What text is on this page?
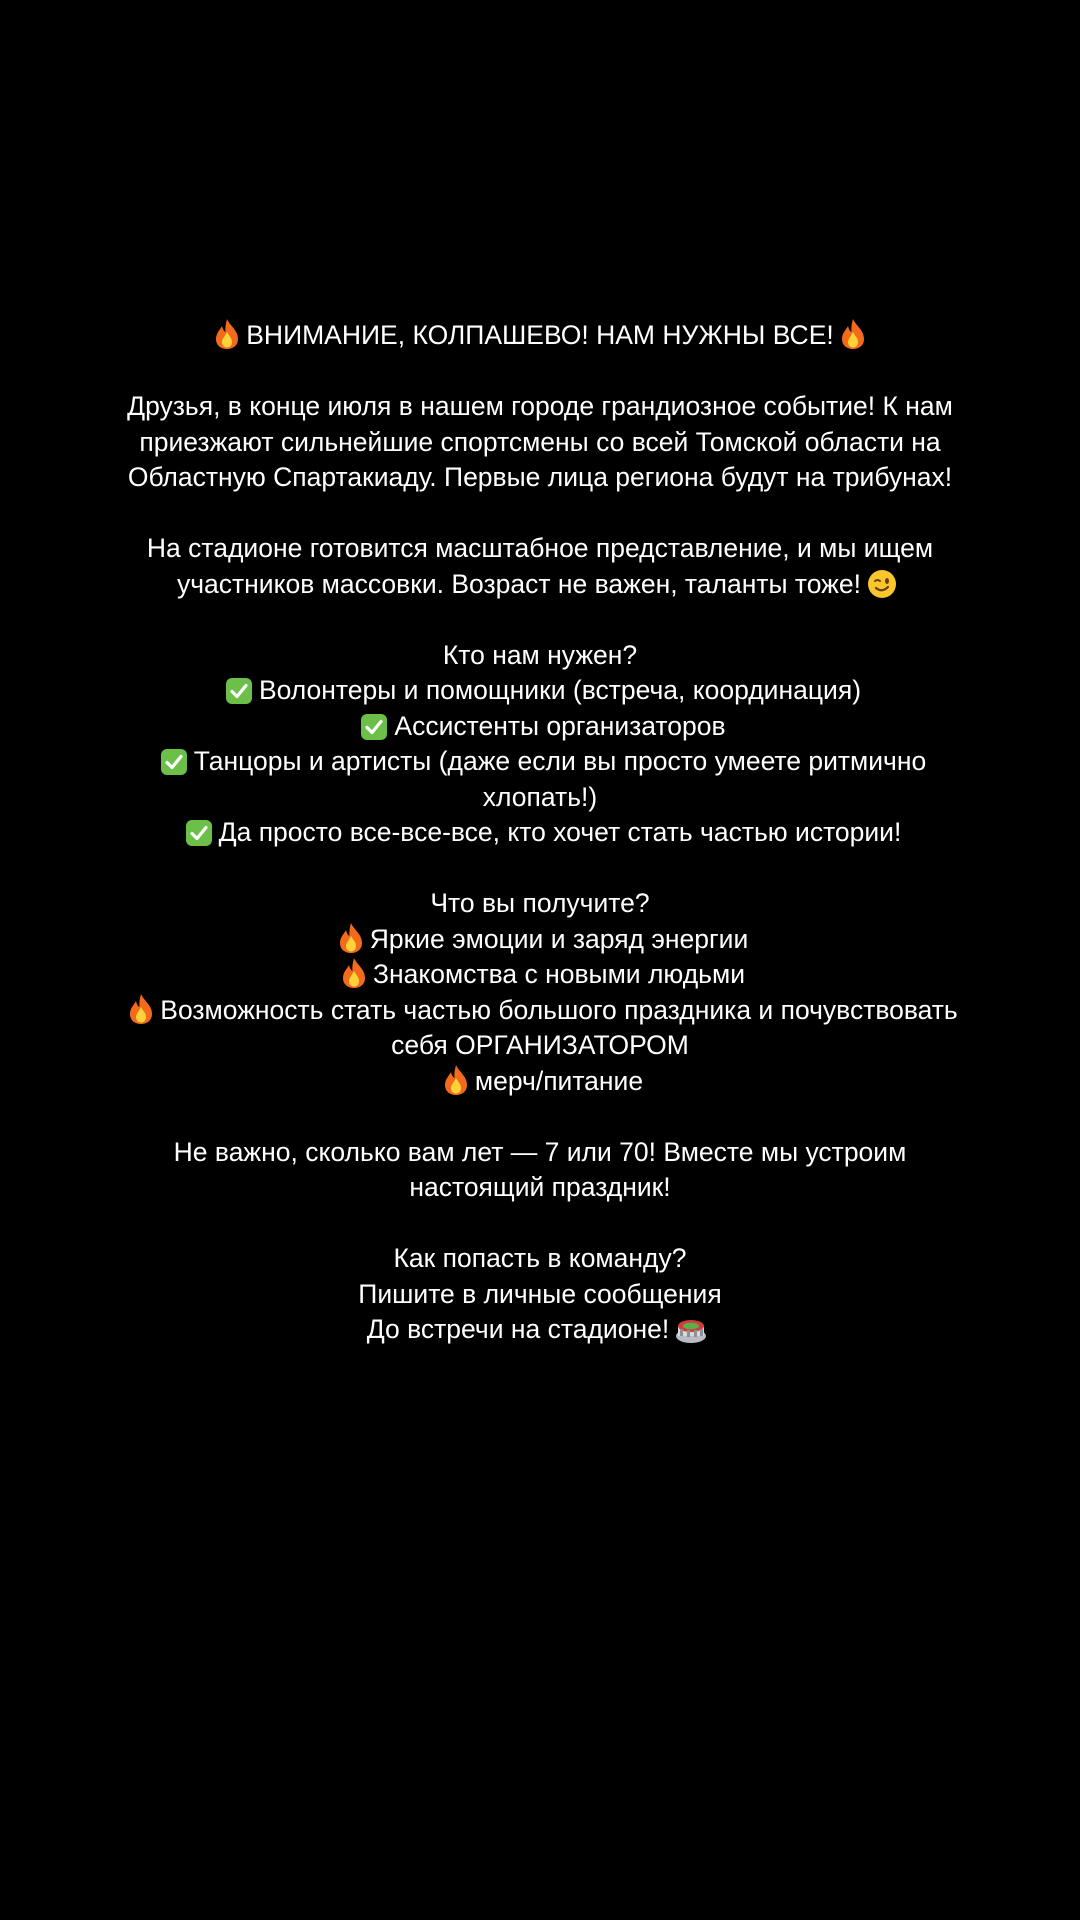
ВНИМАНИЕ, КОЛПАШЕВО! НАМ НУЖНЫ ВСЕ!
Друзья, в конце июля в нашем городе грандиозное событие! К нам
приезжают сильнейшие спортсмены со всей Томской области на
Областную Спартакиаду. Первые лица региона будут на трибунах!
На стадионе готовится масштабное представление, и мы ищем
участников массовки. Возраст не важен, таланты тоже!
Кто нам нужен?
Волонтеры и помощники (встреча, координация)
Ассистенты организаторов
Танцоры и артисты (даже если вы просто умеете ритмично
хлопать!)
Да просто все-все-все, кто хочет стать частью истории!
Что вы получите?
Яркие эмоции и заряд энергии
Знакомства с новыми людьми
Возможность стать частью большого праздника и почувствовать
себя ОРГАНИЗАТОРОМ
мерч/питание
Не важно, сколько вам лет — 7 или 70! Вместе мы устроим
настоящий праздник!
Как попасть в команду?
Пишите в личные сообщения
До встречи на стадионе!
